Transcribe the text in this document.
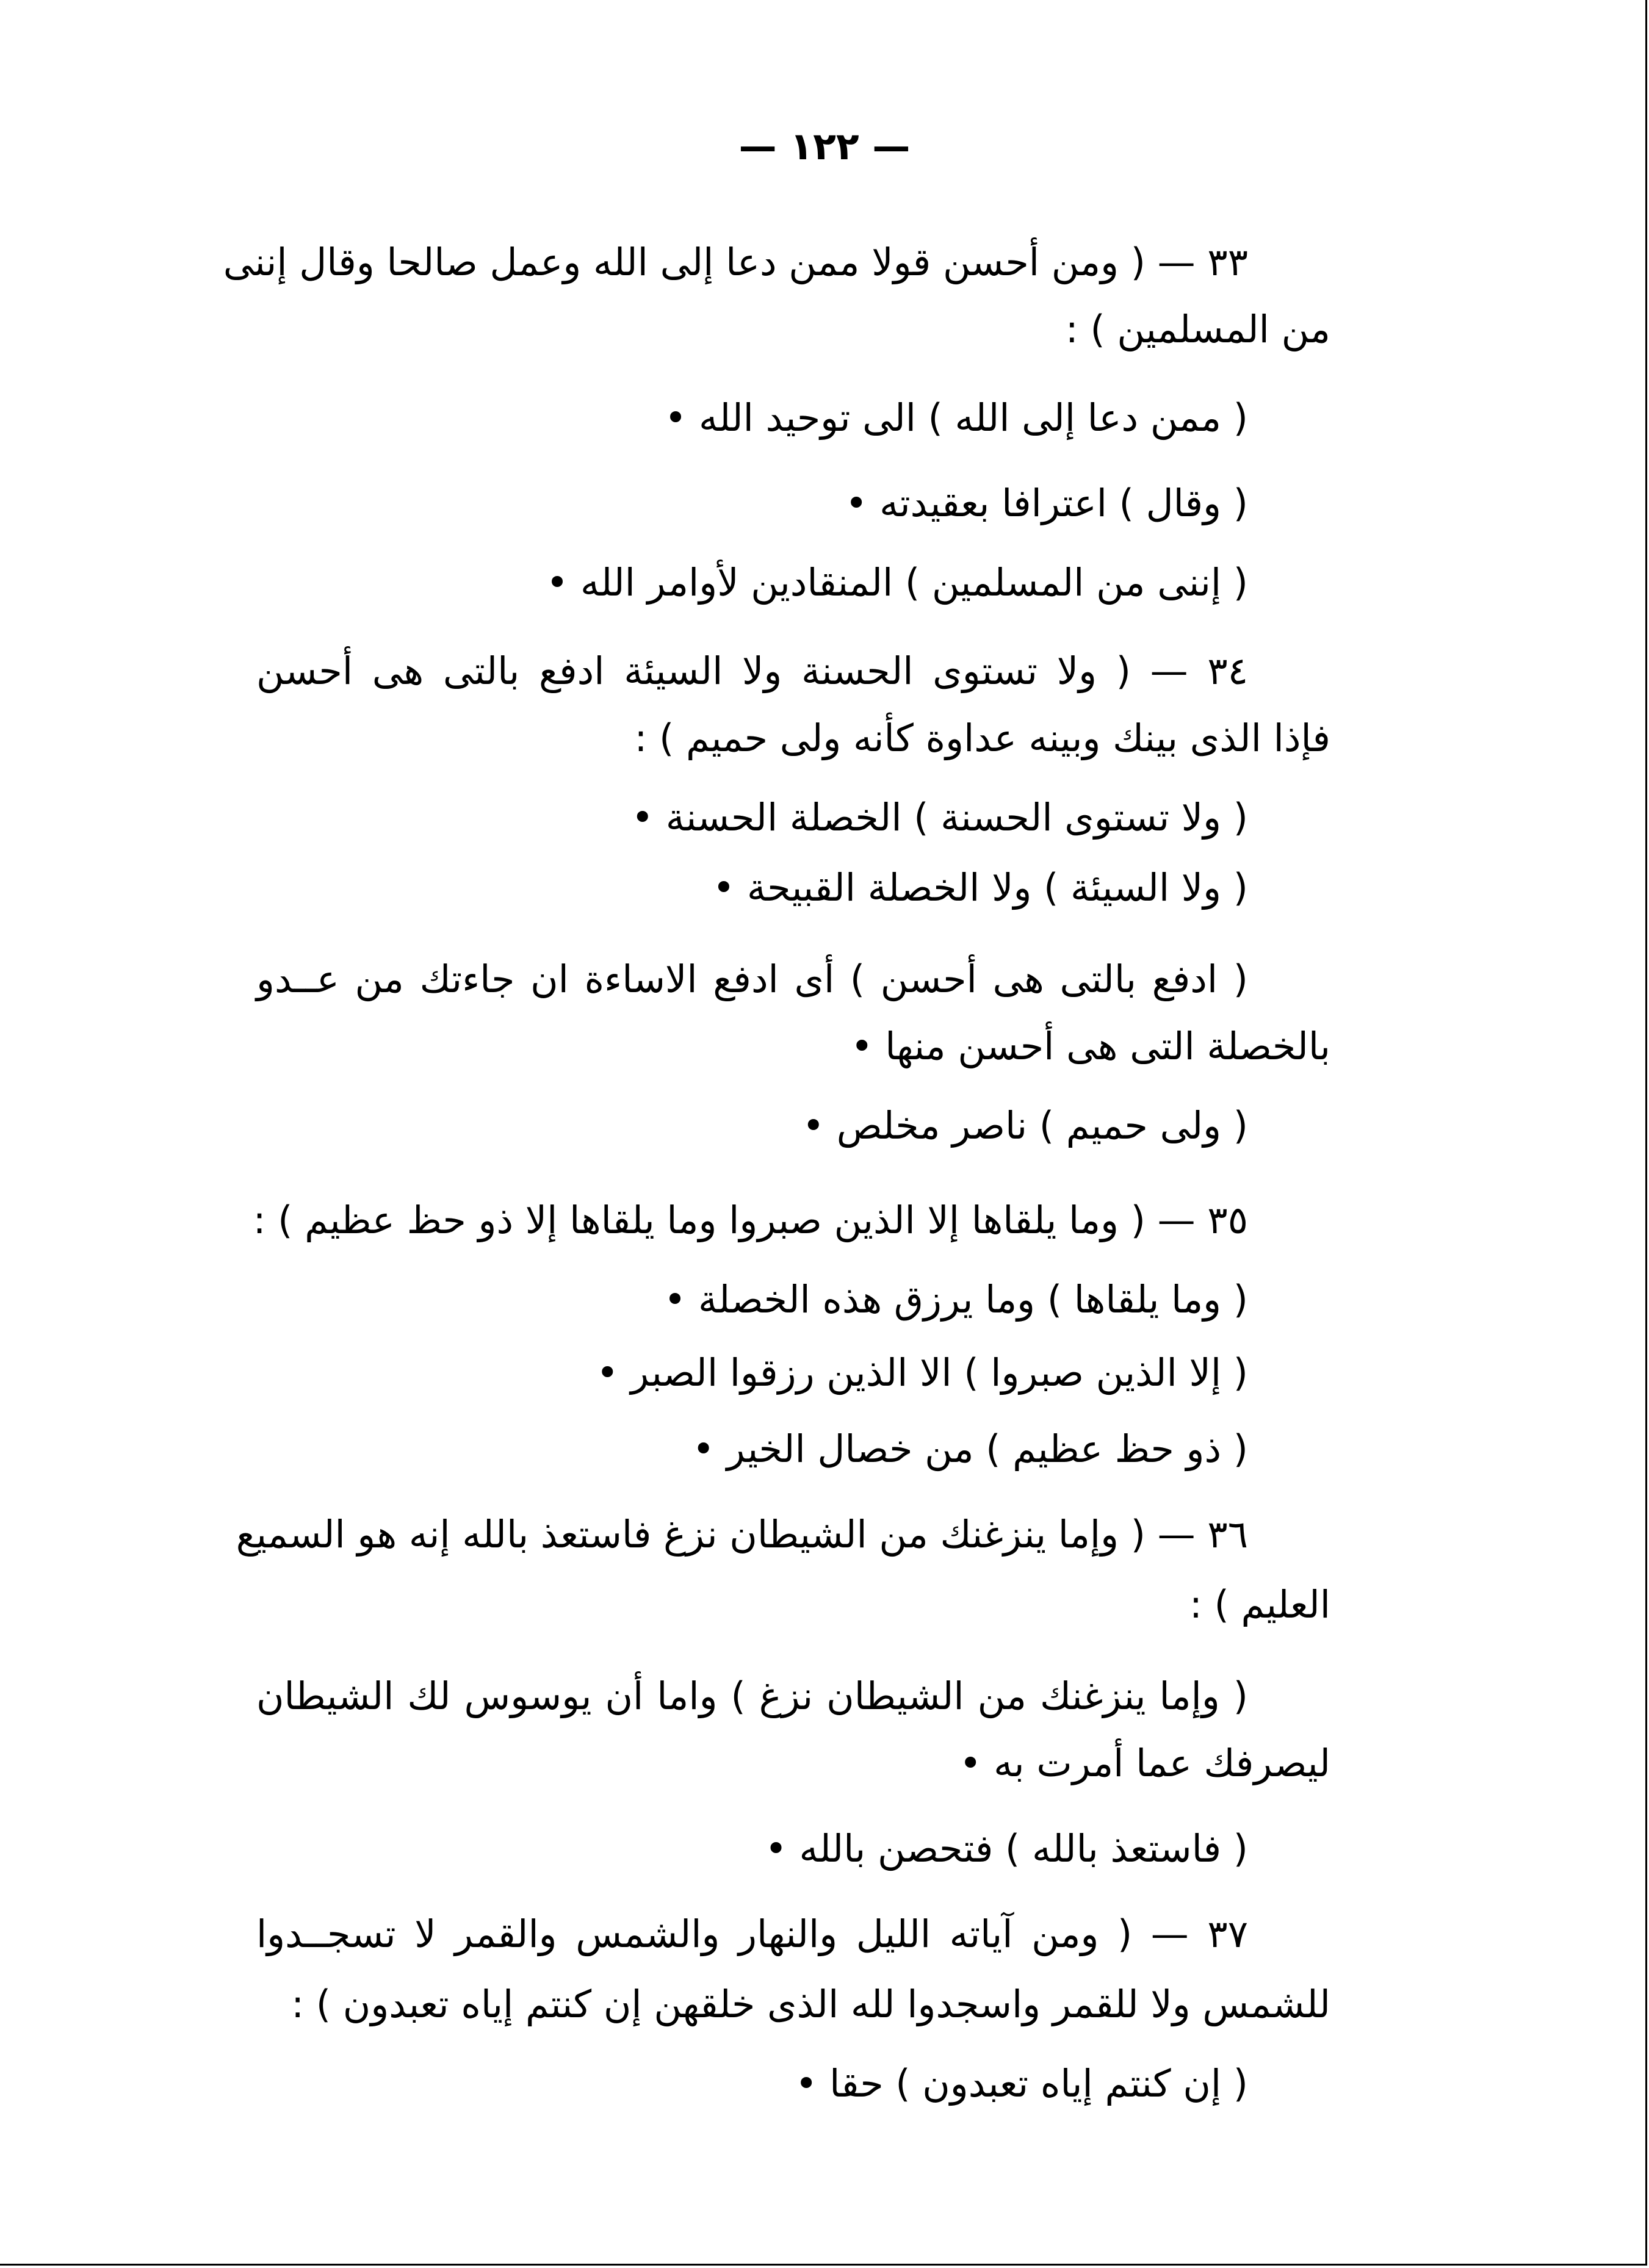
— ١٢٢ —
٣٣ — ( ومن أحسن قولا ممن دعا إلى الله وعمل صالحا وقال إننى
من المسلمين ) :
( ممن دعا إلى الله ) الى توحيد الله •
( وقال ) اعترافا بعقيدته •
( إننى من المسلمين ) المنقادين لأوامر الله •
٣٤ — ( ولا تستوى الحسنة ولا السيئة ادفع بالتى هى أحسن
فإذا الذى بينك وبينه عداوة كأنه ولى حميم ) :
( ولا تستوى الحسنة ) الخصلة الحسنة •
( ولا السيئة ) ولا الخصلة القبيحة •
( ادفع بالتى هى أحسن ) أى ادفع الاساءة ان جاءتك من عــدو
بالخصلة التى هى أحسن منها •
( ولى حميم ) ناصر مخلص •
٣٥ — ( وما يلقاها إلا الذين صبروا وما يلقاها إلا ذو حظ عظيم ) :
( وما يلقاها ) وما يرزق هذه الخصلة •
( إلا الذين صبروا ) الا الذين رزقوا الصبر •
( ذو حظ عظيم ) من خصال الخير •
٣٦ — ( وإما ينزغنك من الشيطان نزغ فاستعذ بالله إنه هو السميع
العليم ) :
( وإما ينزغنك من الشيطان نزغ ) واما أن يوسوس لك الشيطان
ليصرفك عما أمرت به •
( فاستعذ بالله ) فتحصن بالله •
٣٧ — ( ومن آياته الليل والنهار والشمس والقمر لا تسجــدوا
للشمس ولا للقمر واسجدوا لله الذى خلقهن إن كنتم إياه تعبدون ) :
( إن كنتم إياه تعبدون ) حقا •
